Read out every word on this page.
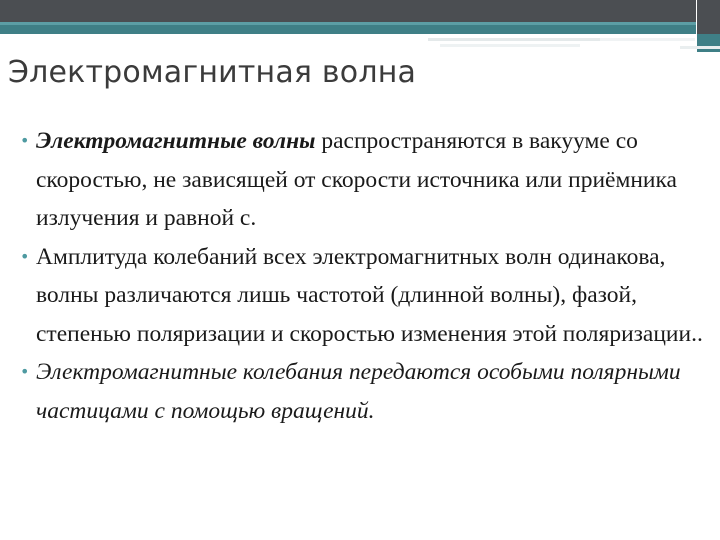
Электромагнитная волна

• Электромагнитные волны распространяются в вакууме со скоростью, не зависящей от скорости источника или приёмника излучения и равной с.

• Амплитуда колебаний всех электромагнитных волн одинакова, волны различаются лишь частотой (длинной волны), фазой, степенью поляризации и скоростью изменения этой поляризации..

• Электромагнитные колебания передаются особыми полярными частицами с помощью вращений.
